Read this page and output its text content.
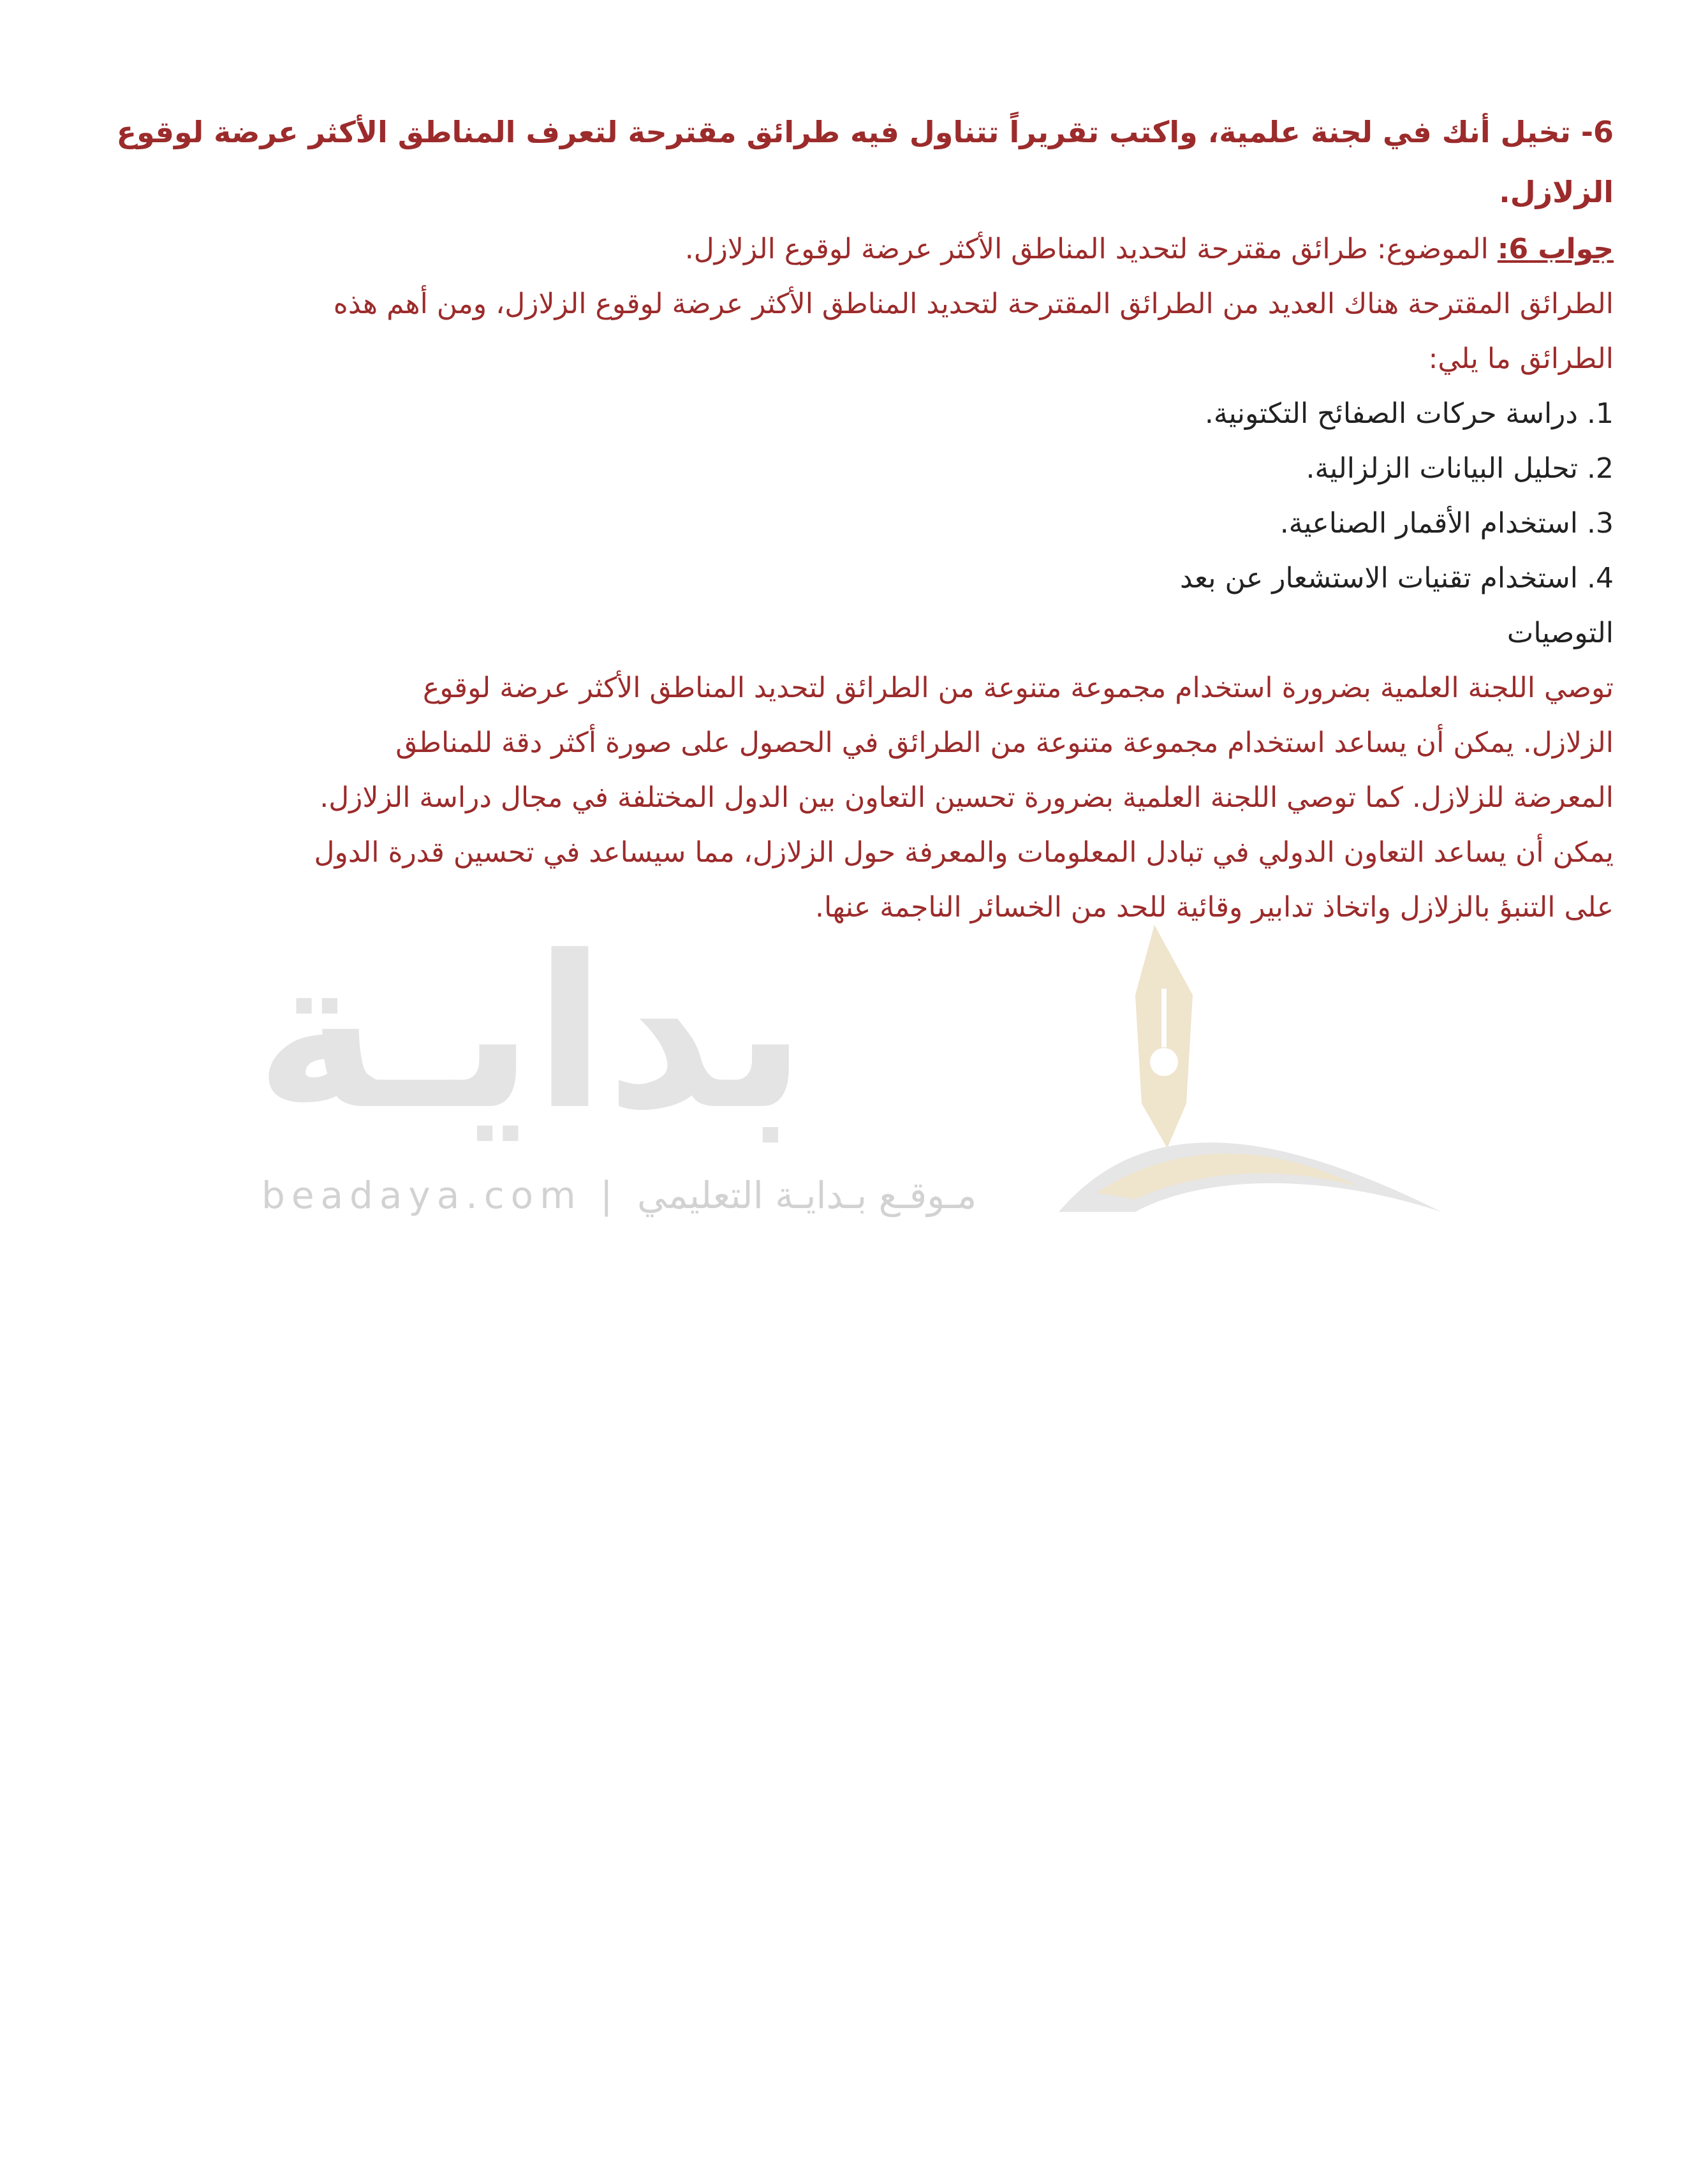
6- تخيل أنك في لجنة علمية، واكتب تقريراً تتناول فيه طرائق مقترحة لتعرف المناطق الأكثر عرضة لوقوع
الزلازل.
جواب 6: الموضوع: طرائق مقترحة لتحديد المناطق الأكثر عرضة لوقوع الزلازل.
الطرائق المقترحة هناك العديد من الطرائق المقترحة لتحديد المناطق الأكثر عرضة لوقوع الزلازل، ومن أهم هذه
الطرائق ما يلي:
1. دراسة حركات الصفائح التكتونية.
2. تحليل البيانات الزلزالية.
3. استخدام الأقمار الصناعية.
4. استخدام تقنيات الاستشعار عن بعد
التوصيات
توصي اللجنة العلمية بضرورة استخدام مجموعة متنوعة من الطرائق لتحديد المناطق الأكثر عرضة لوقوع
الزلازل. يمكن أن يساعد استخدام مجموعة متنوعة من الطرائق في الحصول على صورة أكثر دقة للمناطق
المعرضة للزلازل. كما توصي اللجنة العلمية بضرورة تحسين التعاون بين الدول المختلفة في مجال دراسة الزلازل.
يمكن أن يساعد التعاون الدولي في تبادل المعلومات والمعرفة حول الزلازل، مما سيساعد في تحسين قدرة الدول
على التنبؤ بالزلازل واتخاذ تدابير وقائية للحد من الخسائر الناجمة عنها.
بدايـة
beadaya.com | مـوقـع بـدايـة التعليمي
